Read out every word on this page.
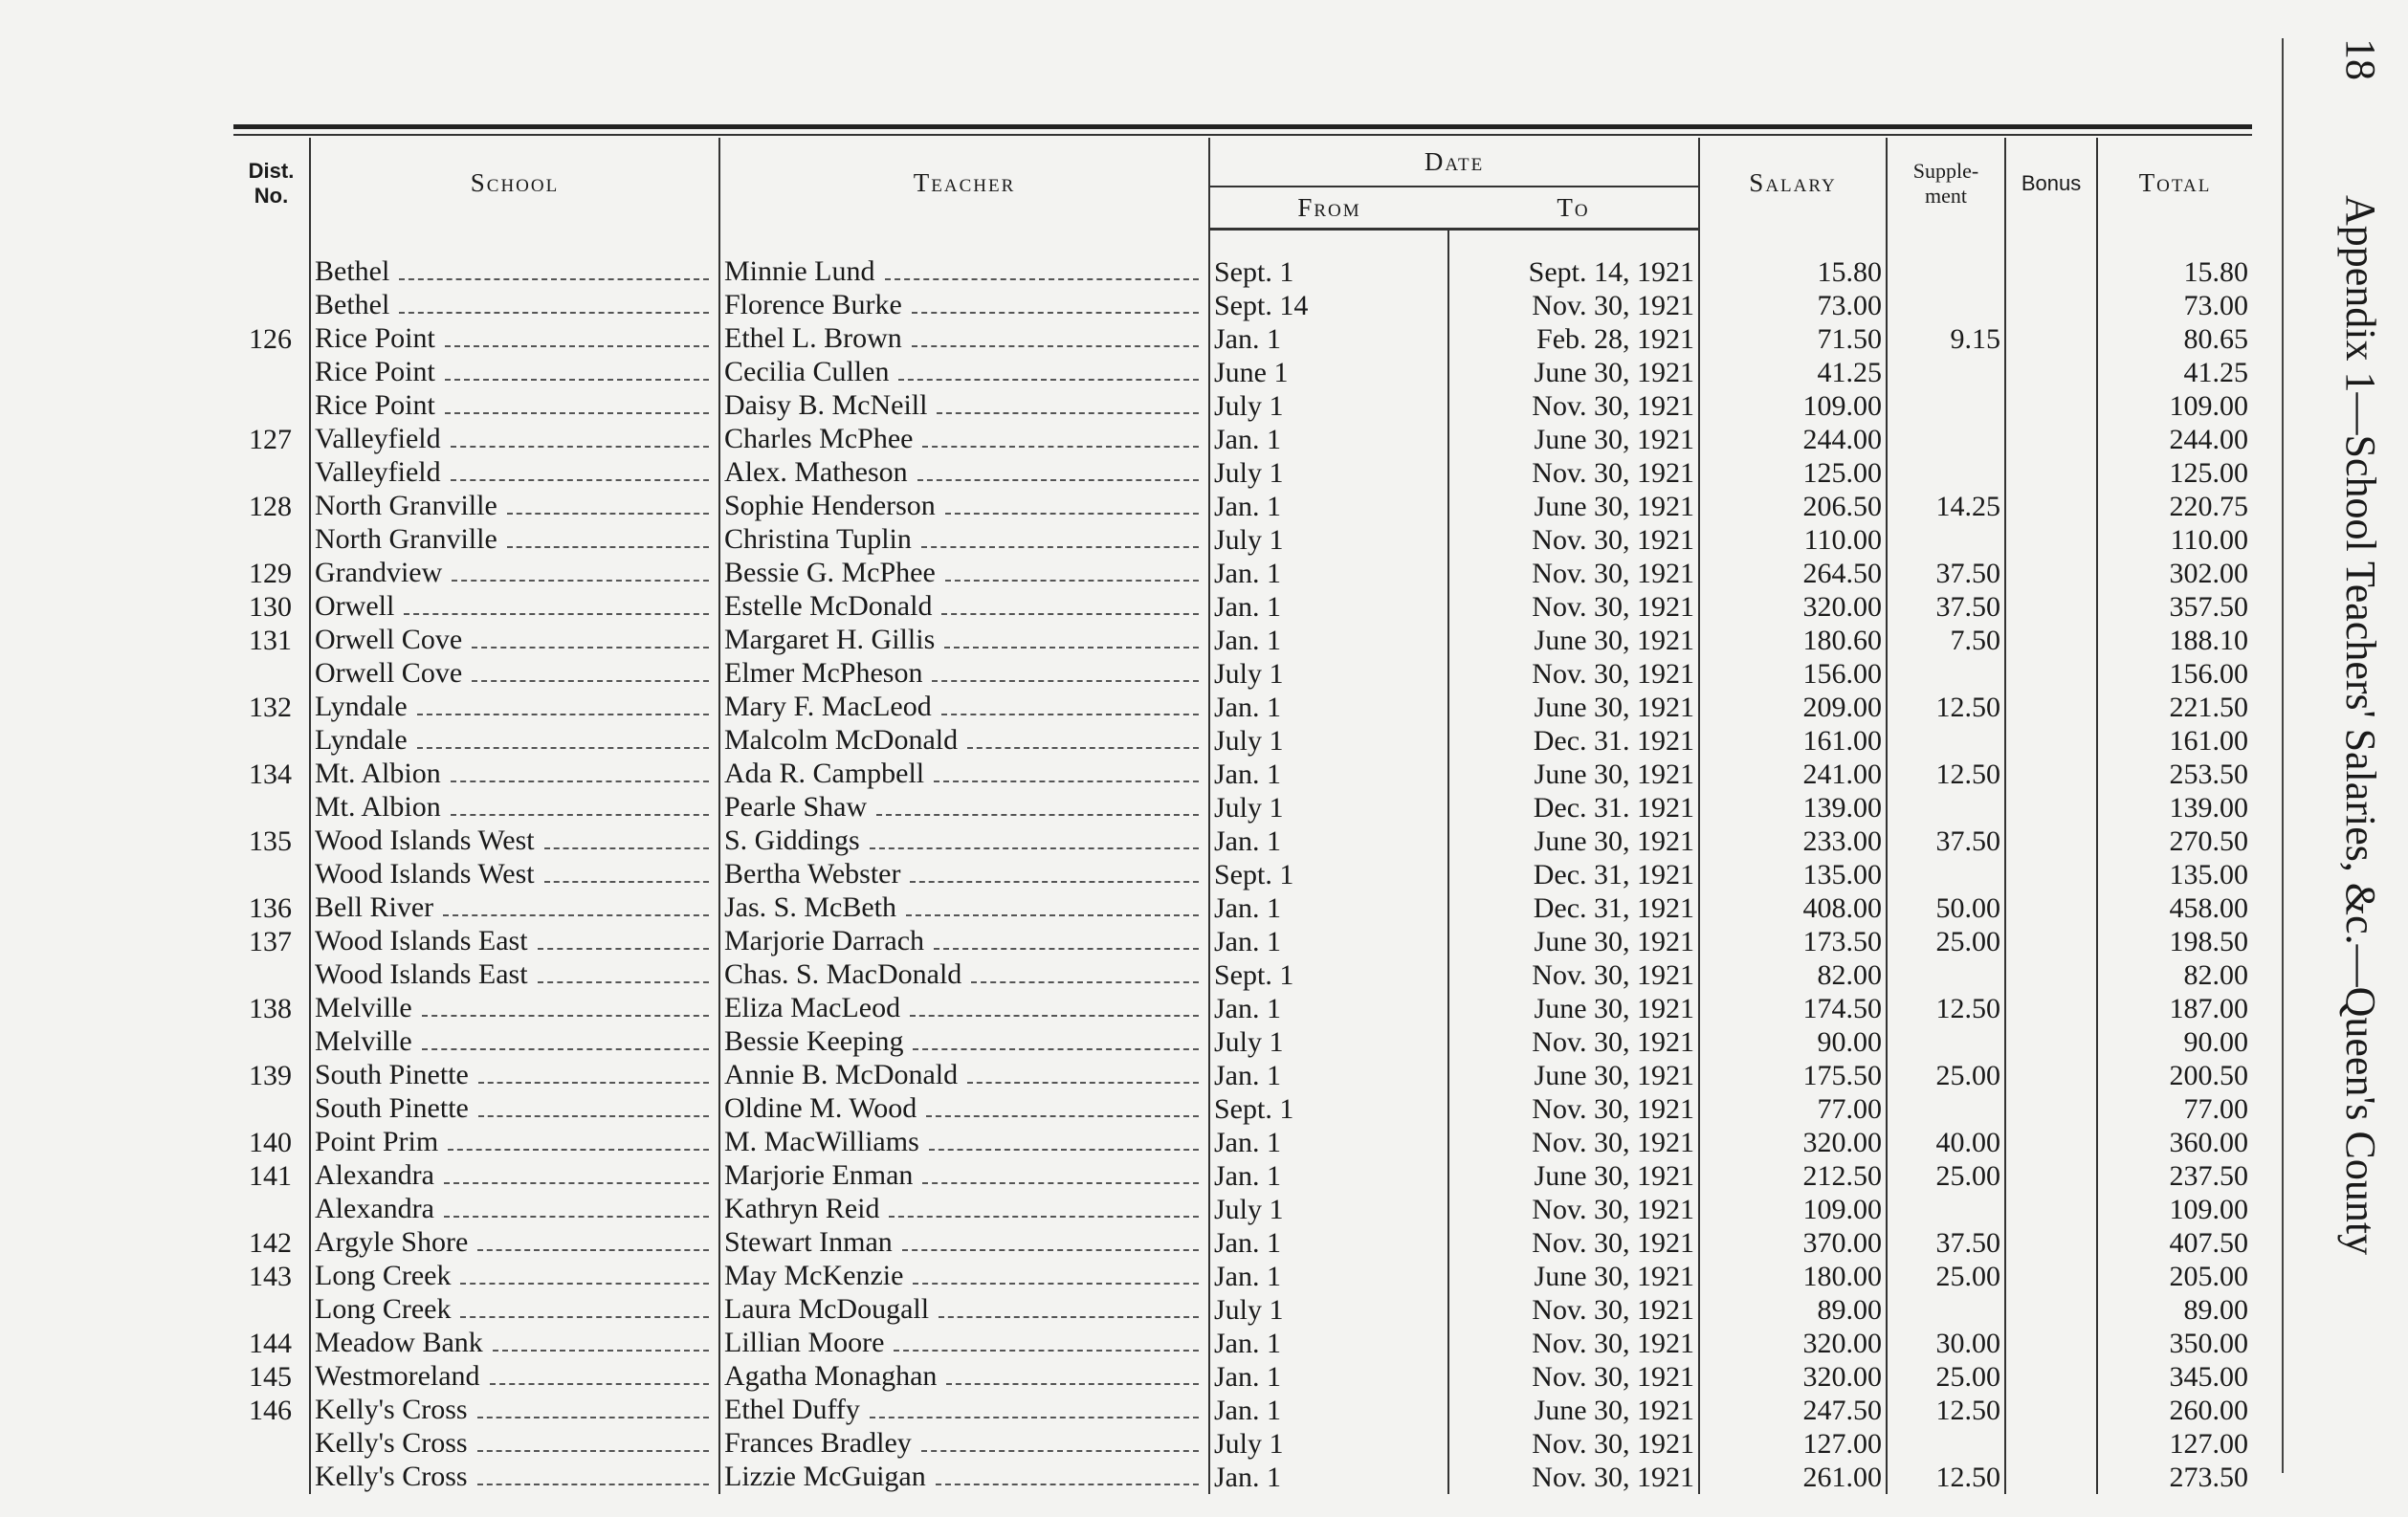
Dist.
No.	School	Teacher	Date		Salary	Supple-
ment	Bonus	Total
			From	To				

	Bethel	Minnie Lund	Sept. 1	Sept. 14, 1921	15.80			15.80

	Bethel	Florence Burke	Sept. 14	Nov. 30, 1921	73.00			73.00
126	Rice Point	Ethel L. Brown	Jan. 1	Feb. 28, 1921	71.50	9.15		80.65

	Rice Point	Cecilia Cullen	June 1	June 30, 1921	41.25			41.25

	Rice Point	Daisy B. McNeill	July 1	Nov. 30, 1921	109.00			109.00
127	Valleyfield	Charles McPhee	Jan. 1	June 30, 1921	244.00			244.00

	Valleyfield	Alex. Matheson	July 1	Nov. 30, 1921	125.00			125.00
128	North Granville	Sophie Henderson	Jan. 1	June 30, 1921	206.50	14.25		220.75

	North Granville	Christina Tuplin	July 1	Nov. 30, 1921	110.00			110.00
129	Grandview	Bessie G. McPhee	Jan. 1	Nov. 30, 1921	264.50	37.50		302.00
130	Orwell	Estelle McDonald	Jan. 1	Nov. 30, 1921	320.00	37.50		357.50
131	Orwell Cove	Margaret H. Gillis	Jan. 1	June 30, 1921	180.60	7.50		188.10

	Orwell Cove	Elmer McPheson	July 1	Nov. 30, 1921	156.00			156.00
132	Lyndale	Mary F. MacLeod	Jan. 1	June 30, 1921	209.00	12.50		221.50

	Lyndale	Malcolm McDonald	July 1	Dec. 31. 1921	161.00			161.00
134	Mt. Albion	Ada R. Campbell	Jan. 1	June 30, 1921	241.00	12.50		253.50

	Mt. Albion	Pearle Shaw	July 1	Dec. 31. 1921	139.00			139.00
135	Wood Islands West	S. Giddings	Jan. 1	June 30, 1921	233.00	37.50		270.50

	Wood Islands West	Bertha Webster	Sept. 1	Dec. 31, 1921	135.00			135.00
136	Bell River	Jas. S. McBeth	Jan. 1	Dec. 31, 1921	408.00	50.00		458.00
137	Wood Islands East	Marjorie Darrach	Jan. 1	June 30, 1921	173.50	25.00		198.50

	Wood Islands East	Chas. S. MacDonald	Sept. 1	Nov. 30, 1921	82.00			82.00
138	Melville	Eliza MacLeod	Jan. 1	June 30, 1921	174.50	12.50		187.00

	Melville	Bessie Keeping	July 1	Nov. 30, 1921	90.00			90.00
139	South Pinette	Annie B. McDonald	Jan. 1	June 30, 1921	175.50	25.00		200.50

	South Pinette	Oldine M. Wood	Sept. 1	Nov. 30, 1921	77.00			77.00
140	Point Prim	M. MacWilliams	Jan. 1	Nov. 30, 1921	320.00	40.00		360.00
141	Alexandra	Marjorie Enman	Jan. 1	June 30, 1921	212.50	25.00		237.50

	Alexandra	Kathryn Reid	July 1	Nov. 30, 1921	109.00			109.00
142	Argyle Shore	Stewart Inman	Jan. 1	Nov. 30, 1921	370.00	37.50		407.50
143	Long Creek	May McKenzie	Jan. 1	June 30, 1921	180.00	25.00		205.00

	Long Creek	Laura McDougall	July 1	Nov. 30, 1921	89.00			89.00
144	Meadow Bank	Lillian Moore	Jan. 1	Nov. 30, 1921	320.00	30.00		350.00
145	Westmoreland	Agatha Monaghan	Jan. 1	Nov. 30, 1921	320.00	25.00		345.00
146	Kelly's Cross	Ethel Duffy	Jan. 1	June 30, 1921	247.50	12.50		260.00

	Kelly's Cross	Frances Bradley	July 1	Nov. 30, 1921	127.00			127.00

	Kelly's Cross	Lizzie McGuigan	Jan. 1	Nov. 30, 1921	261.00	12.50		273.50
18Appendix 1—School Teachers' Salaries, &c.—Queen's County
